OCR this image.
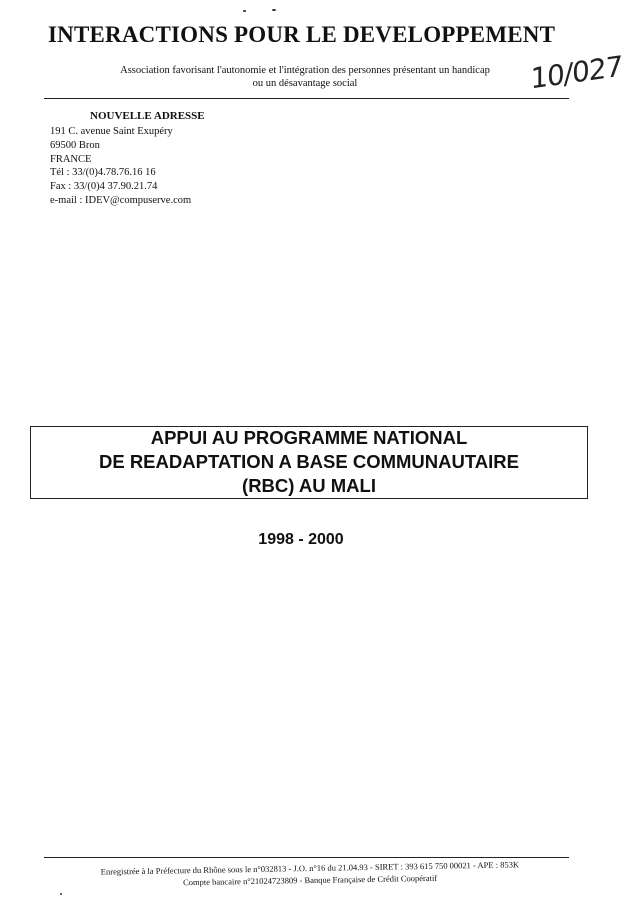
INTERACTIONS POUR LE DEVELOPPEMENT
Association favorisant l'autonomie et l'intégration des personnes présentant un handicap
ou un désavantage social	10/027
NOUVELLE ADRESSE
191 C. avenue Saint Exupéry
69500 Bron
FRANCE
Tél : 33/(0)4.78.76.16 16
Fax : 33/(0)4 37.90.21.74
e-mail : IDEV@compuserve.com
APPUI AU PROGRAMME NATIONAL
DE READAPTATION A BASE COMMUNAUTAIRE
(RBC) AU MALI
1998 - 2000
Enregistrée à la Préfecture du Rhône sous le n°032813 - J.O. n°16 du 21.04.93 - SIRET : 393 615 750 00021 - APE : 853K
Compte bancaire n°21024723809 - Banque Française de Crédit Coopératif
